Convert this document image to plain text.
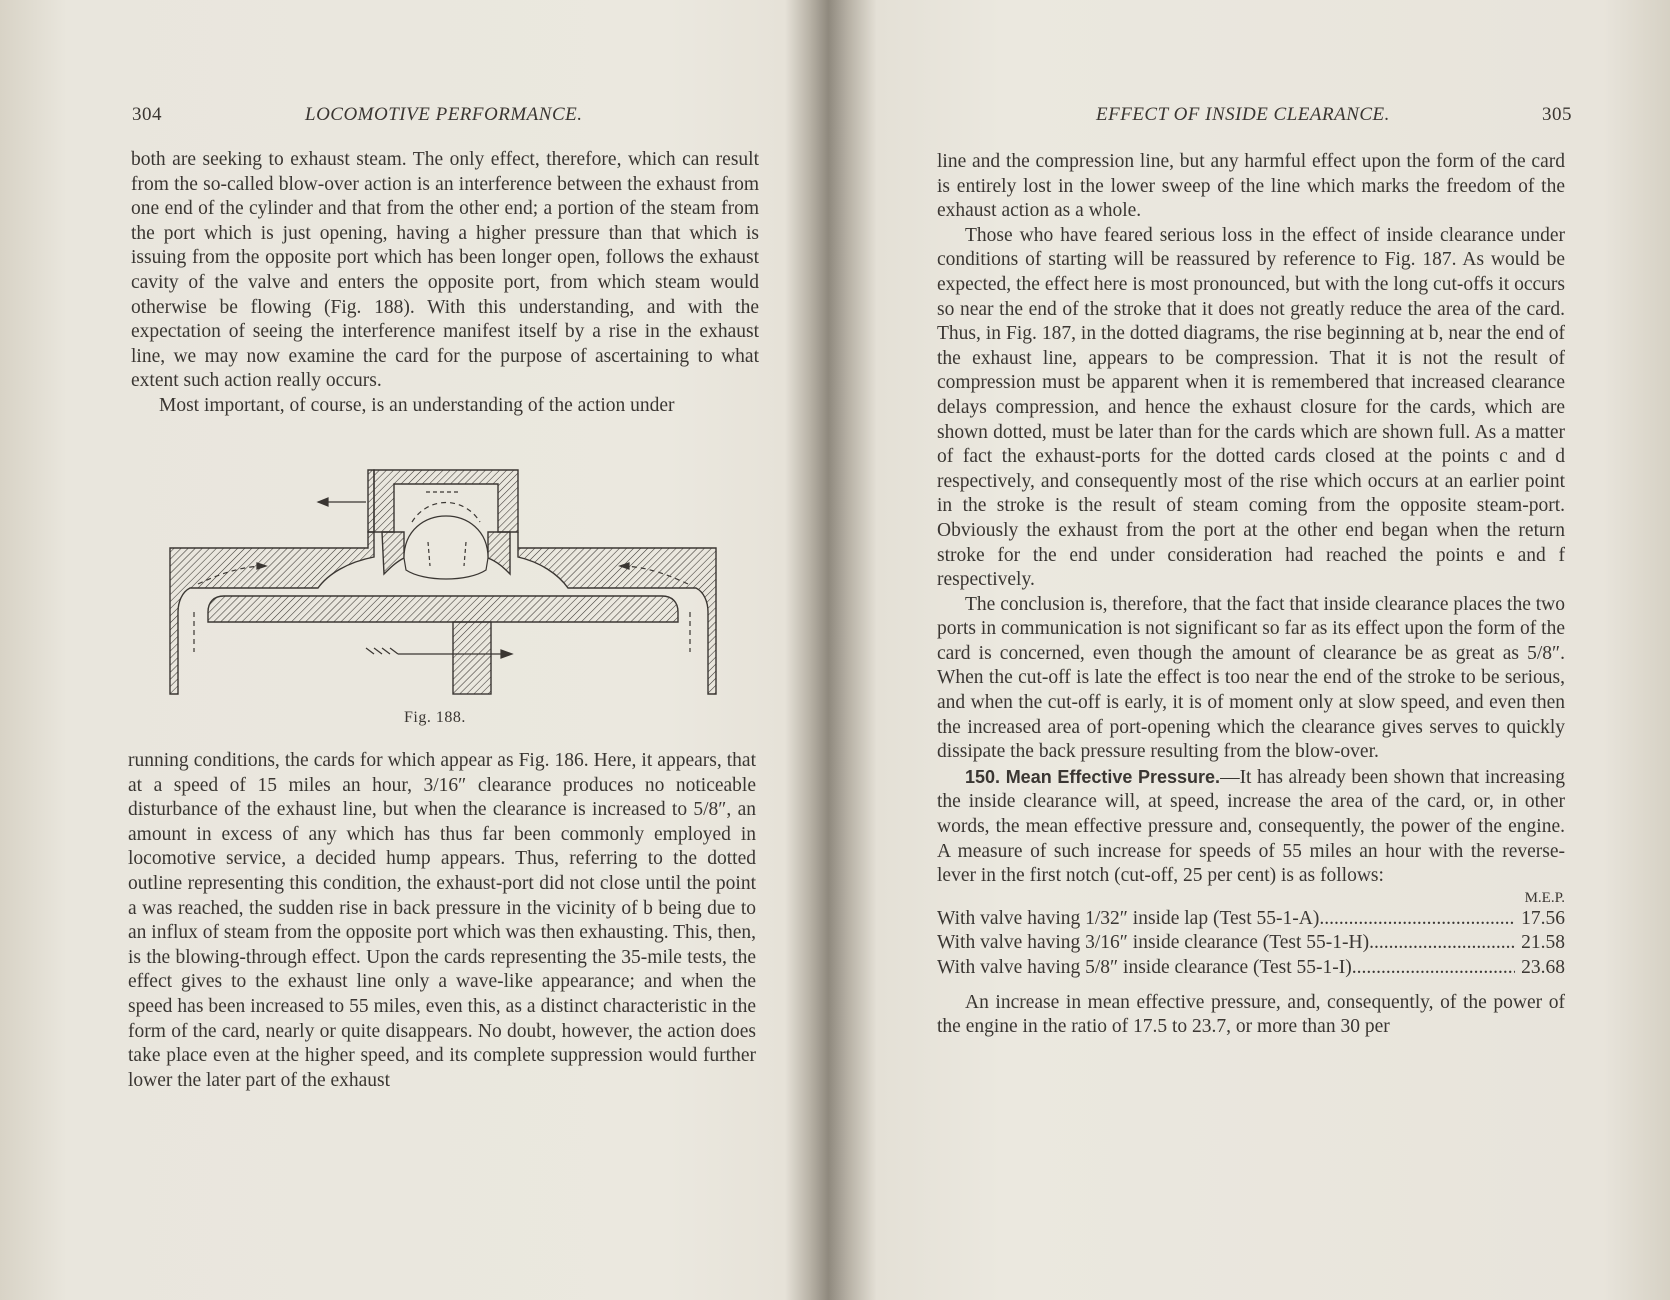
304	LOCOMOTIVE PERFORMANCE.

both are seeking to exhaust steam. The only effect, therefore, which can result from the so-called blow-over action is an interference between the exhaust from one end of the cylinder and that from the other end; a portion of the steam from the port which is just opening, having a higher pressure than that which is issuing from the opposite port which has been longer open, follows the exhaust cavity of the valve and enters the opposite port, from which steam would otherwise be flowing (Fig. 188). With this understanding, and with the expectation of seeing the interference manifest itself by a rise in the exhaust line, we may now examine the card for the purpose of ascertaining to what extent such action really occurs.

Most important, of course, is an understanding of the action under

Fig. 188.

running conditions, the cards for which appear as Fig. 186. Here, it appears, that at a speed of 15 miles an hour, 3/16″ clearance produces no noticeable disturbance of the exhaust line, but when the clearance is increased to 5/8″, an amount in excess of any which has thus far been commonly employed in locomotive service, a decided hump appears. Thus, referring to the dotted outline representing this condition, the exhaust-port did not close until the point a was reached, the sudden rise in back pressure in the vicinity of b being due to an influx of steam from the opposite port which was then exhausting. This, then, is the blowing-through effect. Upon the cards representing the 35-mile tests, the effect gives to the exhaust line only a wave-like appearance; and when the speed has been increased to 55 miles, even this, as a distinct characteristic in the form of the card, nearly or quite disappears. No doubt, however, the action does take place even at the higher speed, and its complete suppression would further lower the later part of the exhaust

EFFECT OF INSIDE CLEARANCE.	305

line and the compression line, but any harmful effect upon the form of the card is entirely lost in the lower sweep of the line which marks the freedom of the exhaust action as a whole.

Those who have feared serious loss in the effect of inside clearance under conditions of starting will be reassured by reference to Fig. 187. As would be expected, the effect here is most pronounced, but with the long cut-offs it occurs so near the end of the stroke that it does not greatly reduce the area of the card. Thus, in Fig. 187, in the dotted diagrams, the rise beginning at b, near the end of the exhaust line, appears to be compression. That it is not the result of compression must be apparent when it is remembered that increased clearance delays compression, and hence the exhaust closure for the cards, which are shown dotted, must be later than for the cards which are shown full. As a matter of fact the exhaust-ports for the dotted cards closed at the points c and d respectively, and consequently most of the rise which occurs at an earlier point in the stroke is the result of steam coming from the opposite steam-port. Obviously the exhaust from the port at the other end began when the return stroke for the end under consideration had reached the points e and f respectively.

The conclusion is, therefore, that the fact that inside clearance places the two ports in communication is not significant so far as its effect upon the form of the card is concerned, even though the amount of clearance be as great as 5/8″. When the cut-off is late the effect is too near the end of the stroke to be serious, and when the cut-off is early, it is of moment only at slow speed, and even then the increased area of port-opening which the clearance gives serves to quickly dissipate the back pressure resulting from the blow-over.

150. Mean Effective Pressure.—It has already been shown that increasing the inside clearance will, at speed, increase the area of the card, or, in other words, the mean effective pressure and, consequently, the power of the engine. A measure of such increase for speeds of 55 miles an hour with the reverse-lever in the first notch (cut-off, 25 per cent) is as follows:

M.E.P.
With valve having 1/32″ inside lap (Test 55-1-A) .....	17.56
With valve having 3/16″ inside clearance (Test 55-1-H) .....	21.58
With valve having 5/8″ inside clearance (Test 55-1-I) .....	23.68

An increase in mean effective pressure, and, consequently, of the power of the engine in the ratio of 17.5 to 23.7, or more than 30 per
